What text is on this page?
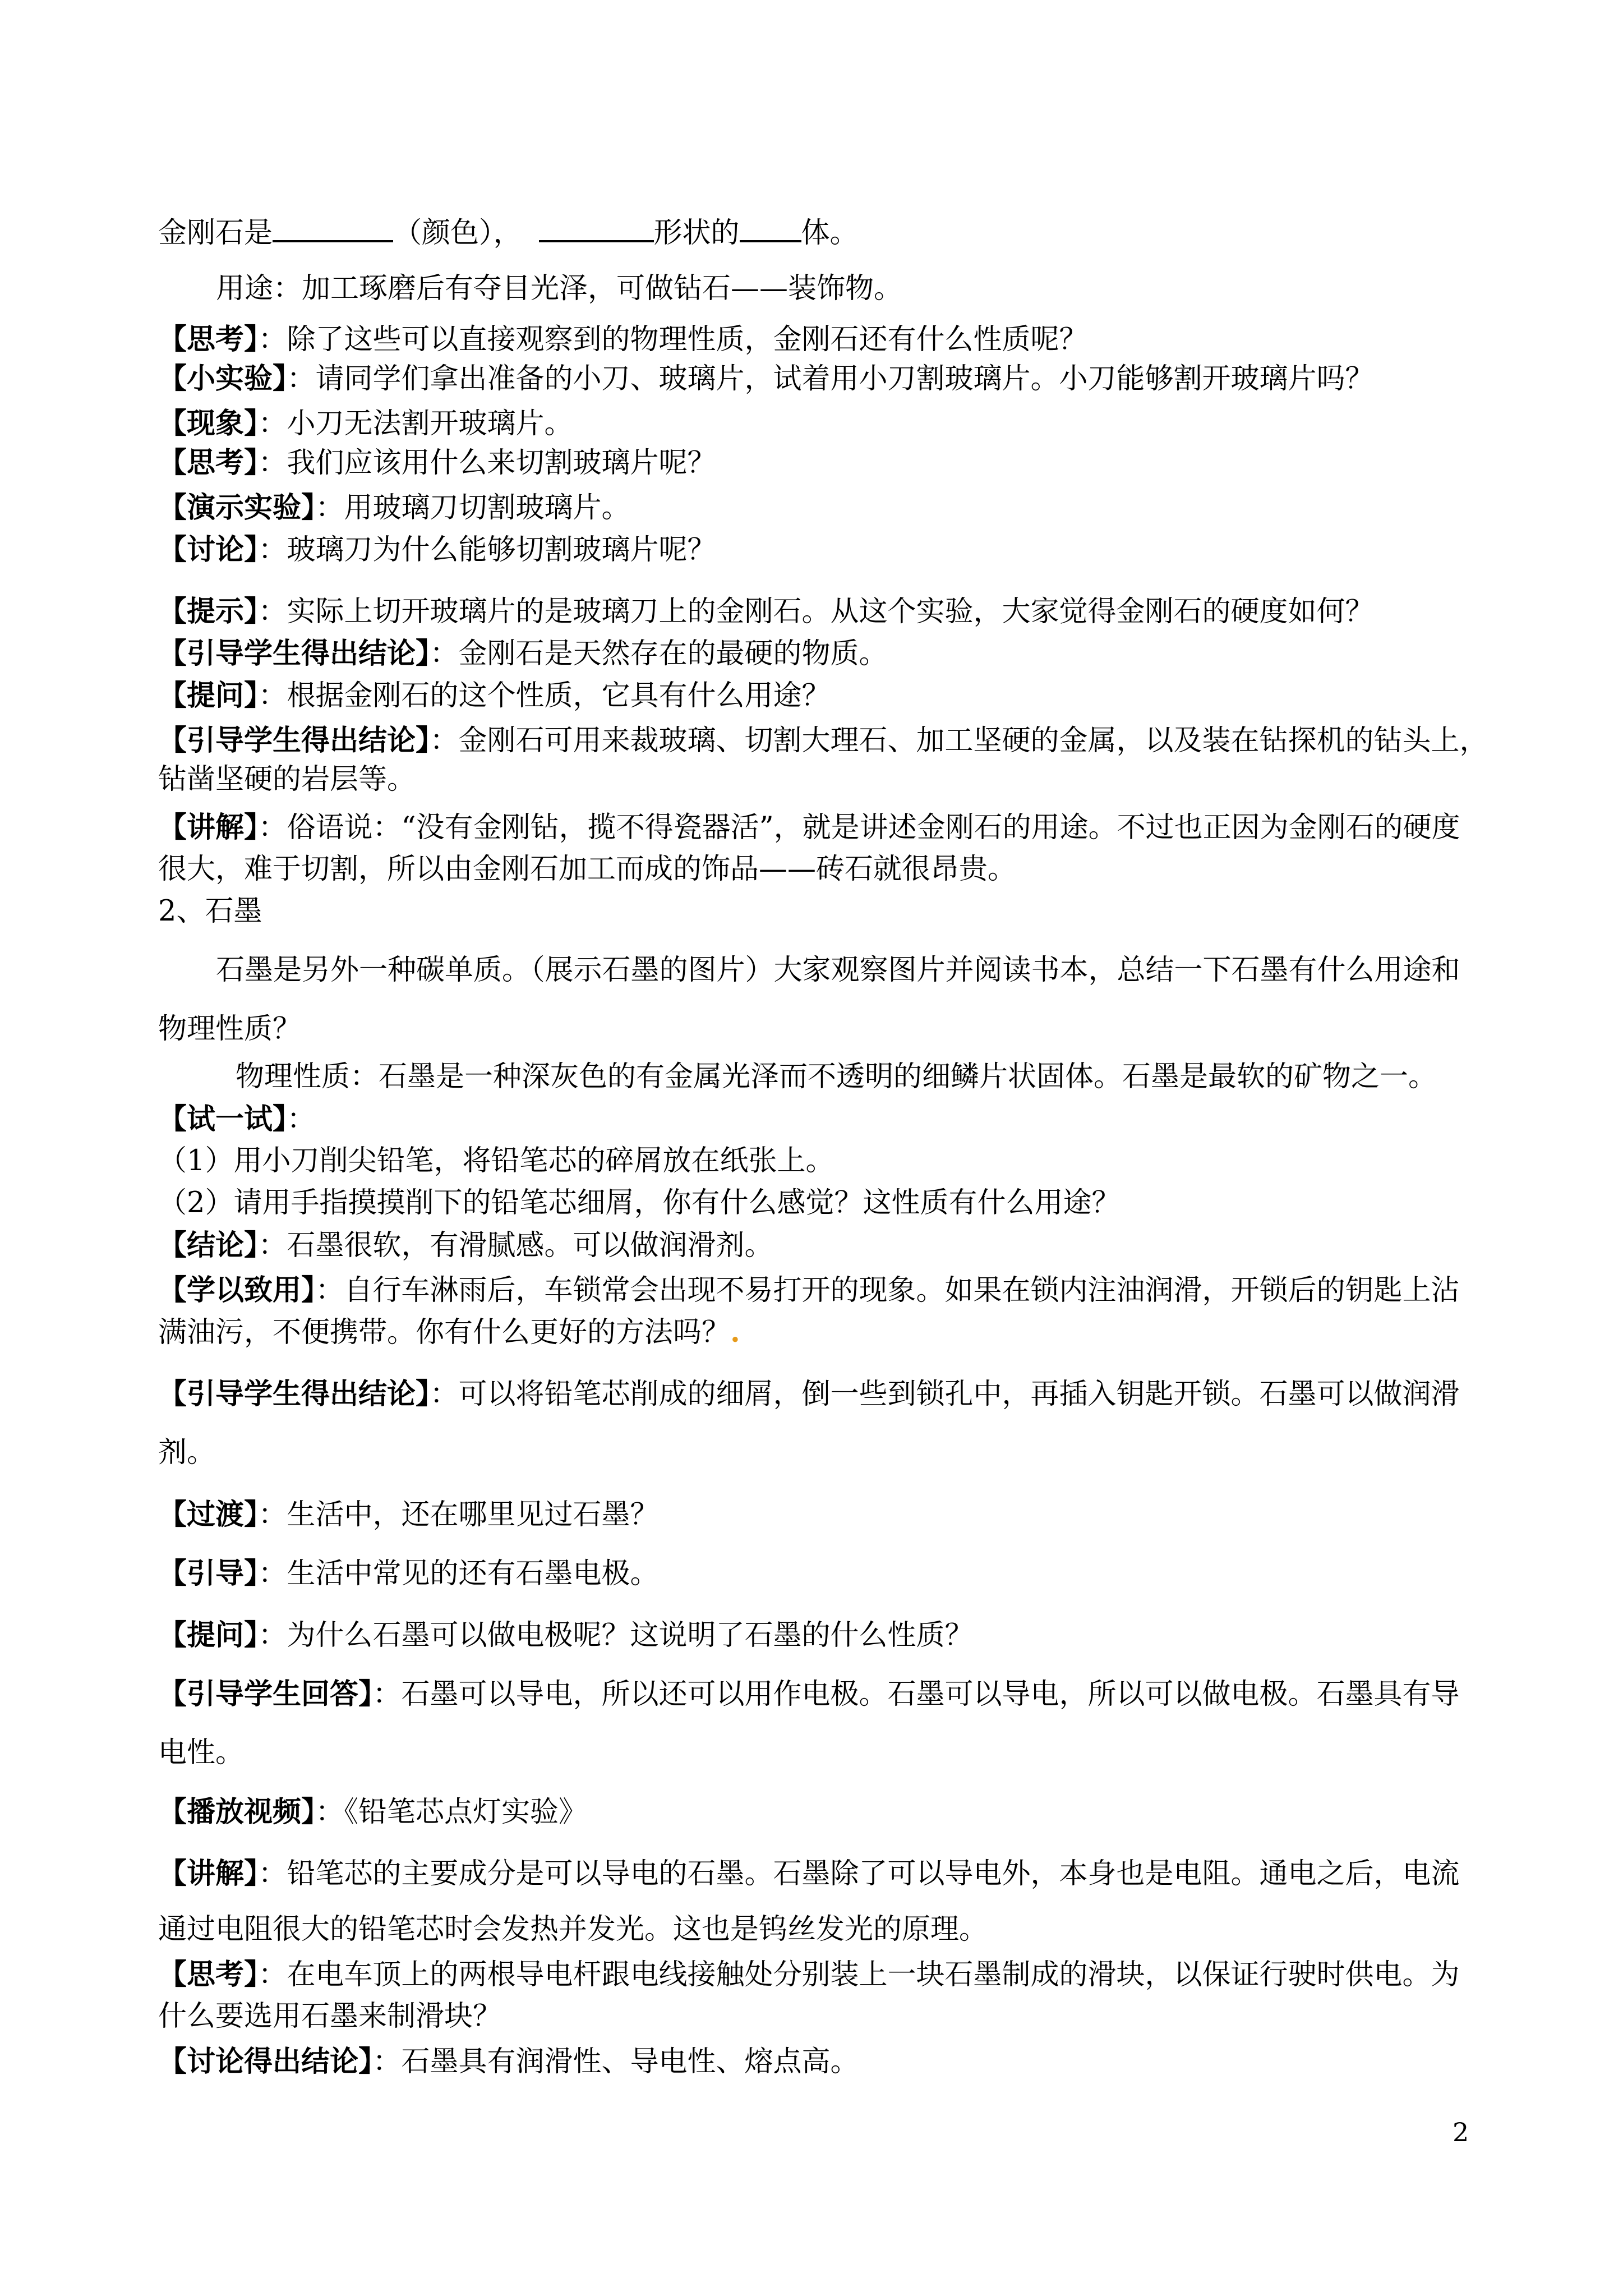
金刚石是	（颜色），	形状的 体。
用途：加工琢磨后有夺目光泽，可做钻石——装饰物。
【思考】：除了这些可以直接观察到的物理性质，金刚石还有什么性质呢？
【小实验】：请同学们拿出准备的小刀、玻璃片，试着用小刀割玻璃片。小刀能够割开玻璃片吗？
【现象】：小刀无法割开玻璃片。
【思考】：我们应该用什么来切割玻璃片呢？
【演示实验】：用玻璃刀切割玻璃片。
【讨论】：玻璃刀为什么能够切割玻璃片呢？
【提示】：实际上切开玻璃片的是玻璃刀上的金刚石。从这个实验，大家觉得金刚石的硬度如何？
【引导学生得出结论】：金刚石是天然存在的最硬的物质。
【提问】：根据金刚石的这个性质，它具有什么用途？
【引导学生得出结论】：金刚石可用来裁玻璃、切割大理石、加工坚硬的金属，以及装在钻探机的钻头上，
钻凿坚硬的岩层等。
【讲解】：俗语说：“没有金刚钻，揽不得瓷器活”，就是讲述金刚石的用途。不过也正因为金刚石的硬度
很大，难于切割，所以由金刚石加工而成的饰品——砖石就很昂贵。
2、石墨
石墨是另外一种碳单质。（展示石墨的图片）大家观察图片并阅读书本，总结一下石墨有什么用途和
物理性质？
物理性质：石墨是一种深灰色的有金属光泽而不透明的细鳞片状固体。石墨是最软的矿物之一。
【试一试】：
（1）用小刀削尖铅笔，将铅笔芯的碎屑放在纸张上。
（2）请用手指摸摸削下的铅笔芯细屑，你有什么感觉？这性质有什么用途？
【结论】：石墨很软，有滑腻感。可以做润滑剂。
【学以致用】：自行车淋雨后，车锁常会出现不易打开的现象。如果在锁内注油润滑，开锁后的钥匙上沾
满油污，不便携带。你有什么更好的方法吗？.
【引导学生得出结论】：可以将铅笔芯削成的细屑，倒一些到锁孔中，再插入钥匙开锁。石墨可以做润滑
剂。
【过渡】：生活中，还在哪里见过石墨？
【引导】：生活中常见的还有石墨电极。
【提问】：为什么石墨可以做电极呢？这说明了石墨的什么性质？
【引导学生回答】：石墨可以导电，所以还可以用作电极。石墨可以导电，所以可以做电极。石墨具有导
电性。
【播放视频】：《铅笔芯点灯实验》
【讲解】：铅笔芯的主要成分是可以导电的石墨。石墨除了可以导电外，本身也是电阻。通电之后，电流
通过电阻很大的铅笔芯时会发热并发光。这也是钨丝发光的原理。
【思考】：在电车顶上的两根导电杆跟电线接触处分别装上一块石墨制成的滑块，以保证行驶时供电。为
什么要选用石墨来制滑块？
【讨论得出结论】：石墨具有润滑性、导电性、熔点高。
2
